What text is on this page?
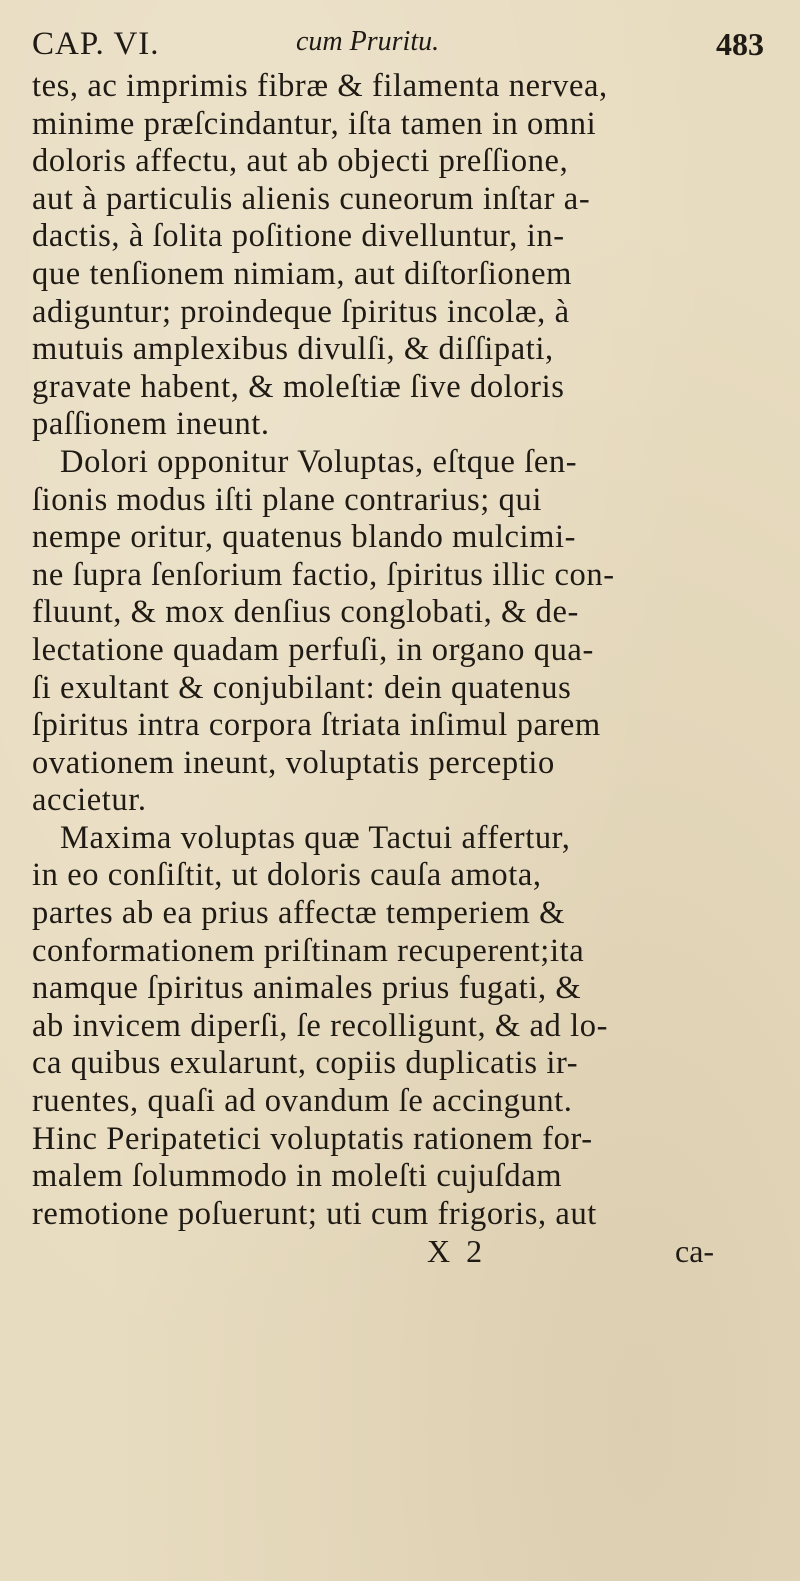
CAP. VI.	cum Pruritu.	483
tes, ac imprimis fibræ & filamenta nervea,
minime præſcindantur, iſta tamen in omni
doloris affectu, aut ab objecti preſſione,
aut à particulis alienis cuneorum inſtar a-
dactis, à ſolita poſitione divelluntur, in-
que tenſionem nimiam, aut diſtorſionem
adiguntur; proindeque ſpiritus incolæ, à
mutuis amplexibus divulſi, & diſſipati,
gravate habent, & moleſtiæ ſive doloris
paſſionem ineunt.
Dolori opponitur Voluptas, eſtque ſen-
ſionis modus iſti plane contrarius; qui
nempe oritur, quatenus blando mulcimi-
ne ſupra ſenſorium factio, ſpiritus illic con-
fluunt, & mox denſius conglobati, & de-
lectatione quadam perfuſi, in organo qua-
ſi exultant & conjubilant: dein quatenus
ſpiritus intra corpora ſtriata inſimul parem
ovationem ineunt, voluptatis perceptio
accietur.
Maxima voluptas quæ Tactui affertur,
in eo conſiſtit, ut doloris cauſa amota,
partes ab ea prius affectæ temperiem &
conformationem priſtinam recuperent;ita
namque ſpiritus animales prius fugati, &
ab invicem diperſi, ſe recolligunt, & ad lo-
ca quibus exularunt, copiis duplicatis ir-
ruentes, quaſi ad ovandum ſe accingunt.
Hinc Peripatetici voluptatis rationem for-
malem ſolummodo in moleſti cujuſdam
remotione poſuerunt; uti cum frigoris, aut
X 2	ca-
